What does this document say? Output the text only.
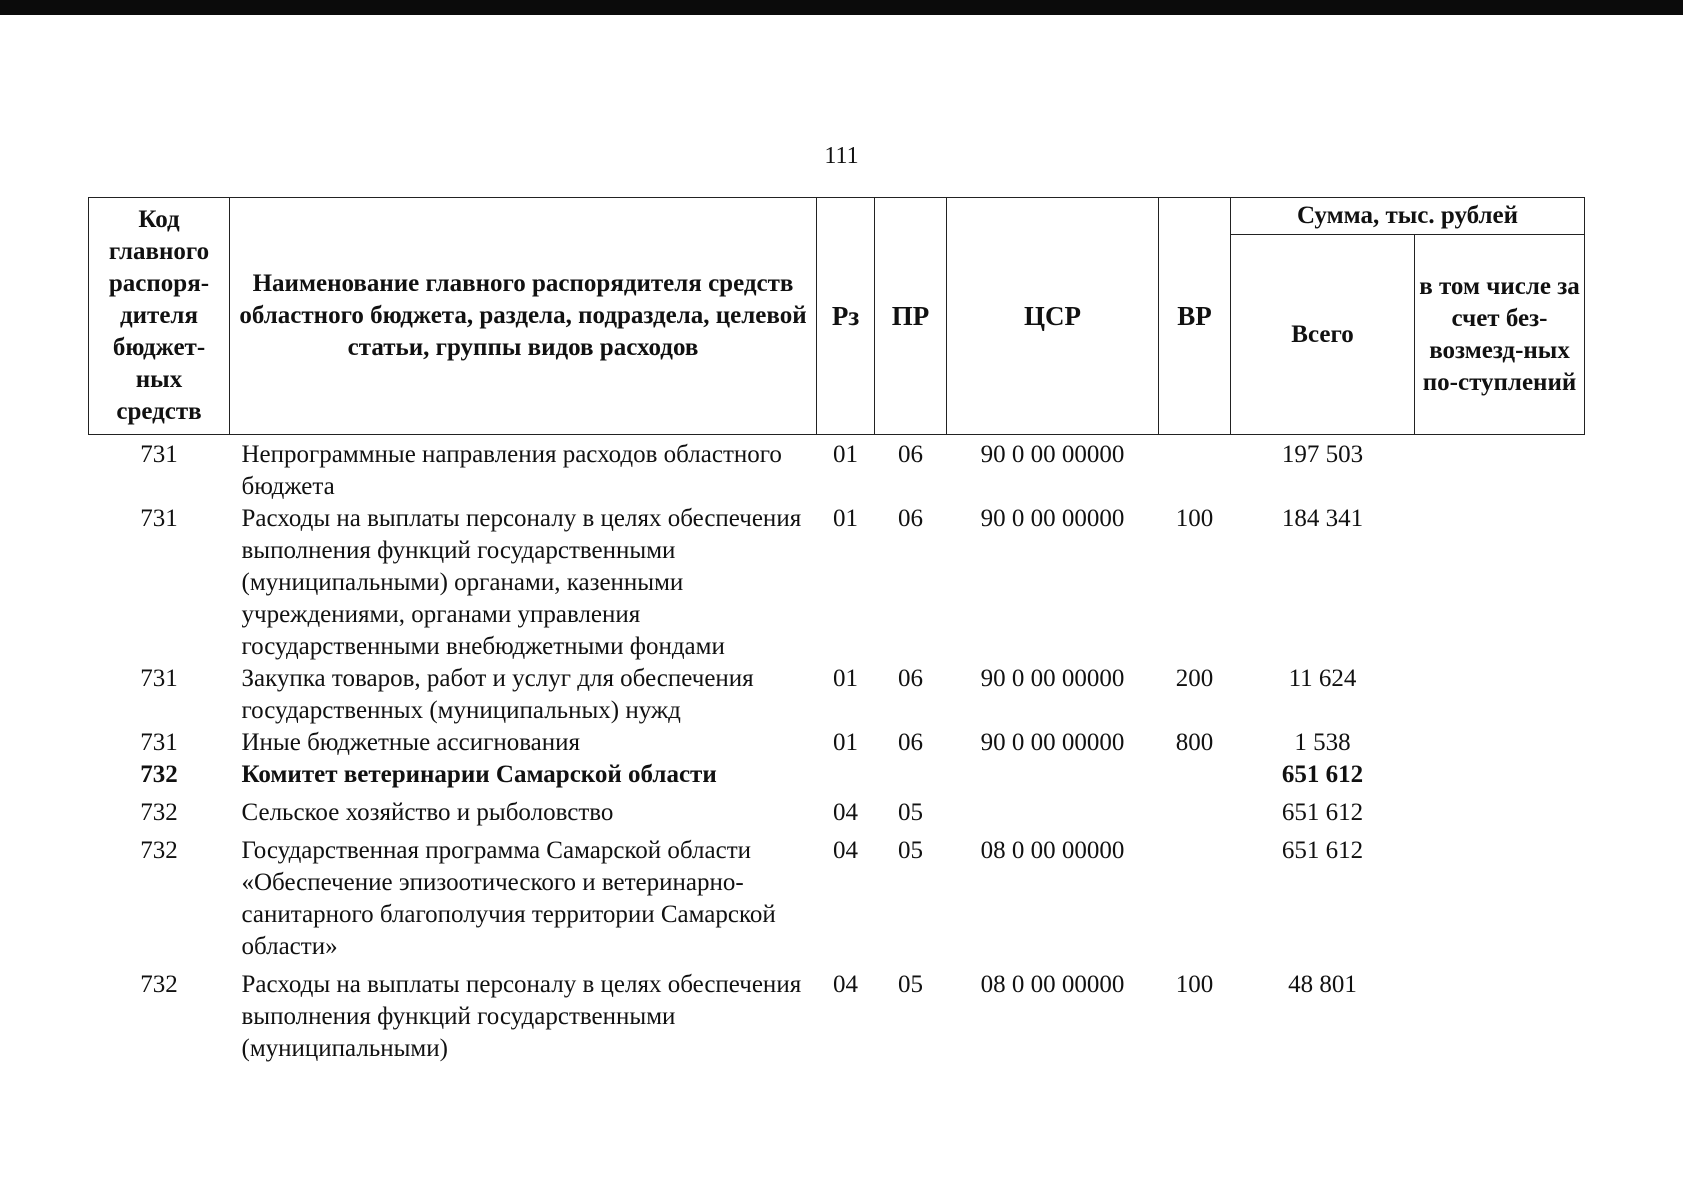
111
Код главного распоря-дителя бюджет-ных средств	Наименование главного распорядителя средств областного бюджета, раздела, подраздела, целевой статьи, группы видов расходов	Рз	ПР	ЦСР	ВР	Сумма, тыс. рублей	
						Всего	в том числе за счет без-возмезд-ных по-ступлений
731	Непрограммные направления расходов областного бюджета	01	06	90 0 00 00000		197 503	
731	Расходы на выплаты персоналу в целях обеспечения выполнения функций государственными (муниципальными) органами, казенными учреждениями, органами управления государственными внебюджетными фондами	01	06	90 0 00 00000	100	184 341	
731	Закупка товаров, работ и услуг для обеспечения государственных (муниципальных) нужд	01	06	90 0 00 00000	200	11 624	
731	Иные бюджетные ассигнования	01	06	90 0 00 00000	800	1 538	
732	Комитет ветеринарии Самарской области					651 612	
732	Сельское хозяйство и рыболовство	04	05			651 612	
732	Государственная программа Самарской области «Обеспечение эпизоотического и ветеринарно-санитарного благополучия территории Самарской области»	04	05	08 0 00 00000		651 612	
732	Расходы на выплаты персоналу в целях обеспечения выполнения функций государственными (муниципальными)	04	05	08 0 00 00000	100	48 801	
